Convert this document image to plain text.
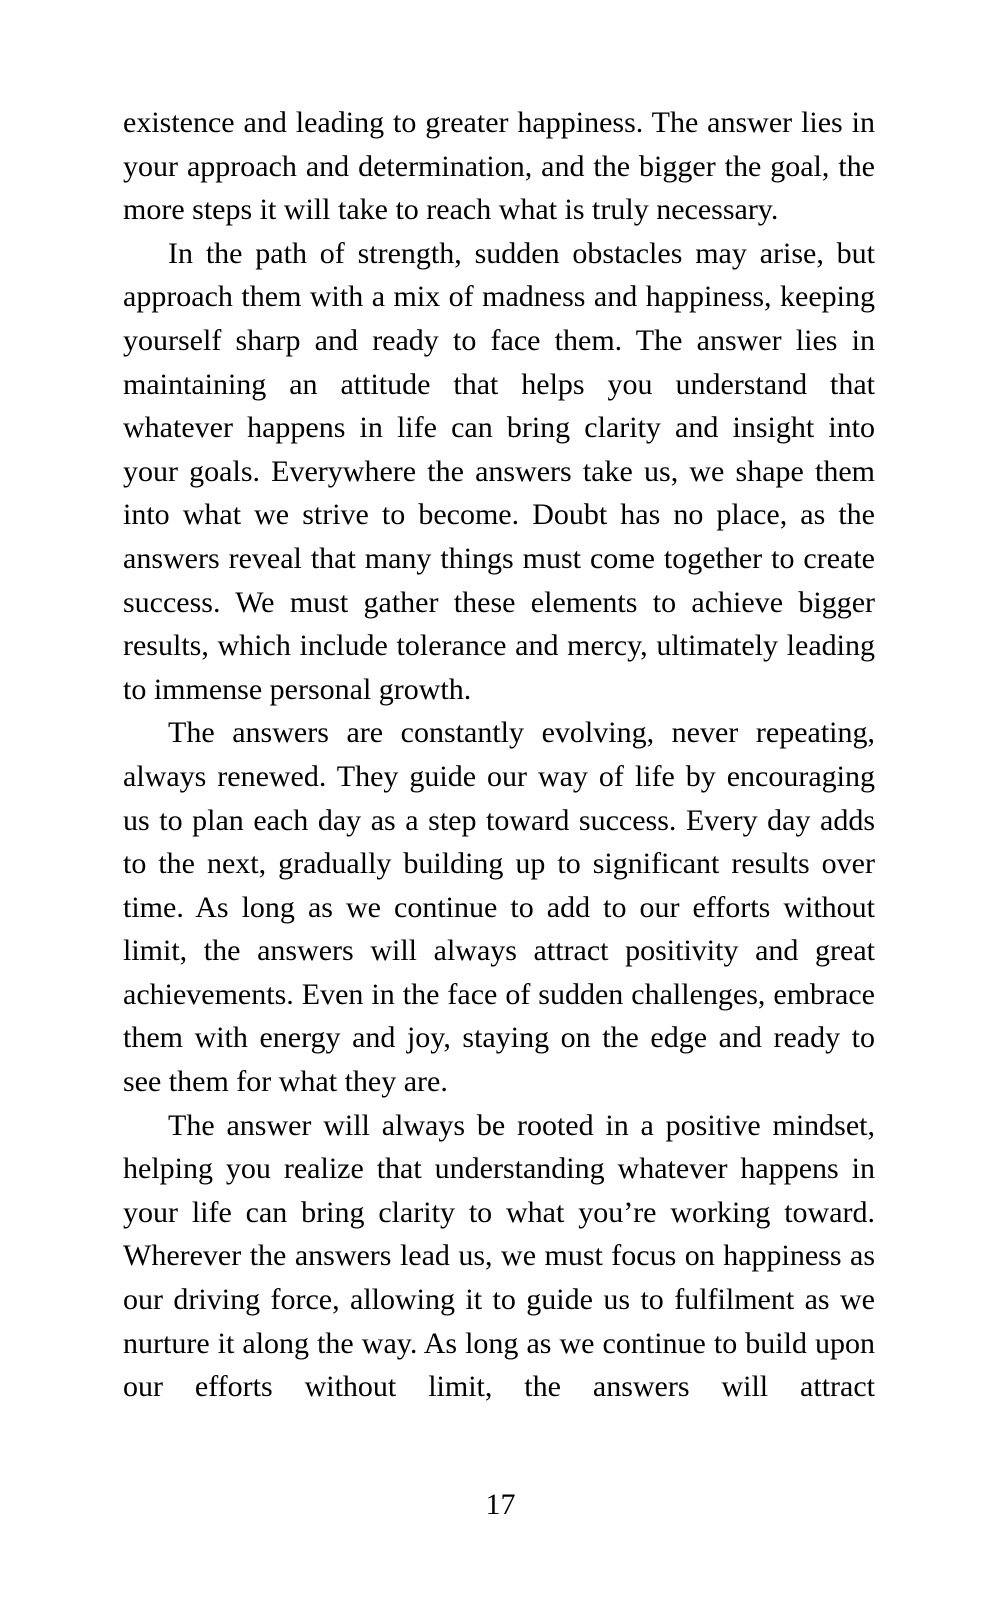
existence and leading to greater happiness. The answer lies in your approach and determination, and the bigger the goal, the more steps it will take to reach what is truly necessary.

In the path of strength, sudden obstacles may arise, but approach them with a mix of madness and happiness, keeping yourself sharp and ready to face them. The answer lies in maintaining an attitude that helps you understand that whatever happens in life can bring clarity and insight into your goals. Everywhere the answers take us, we shape them into what we strive to become. Doubt has no place, as the answers reveal that many things must come together to create success. We must gather these elements to achieve bigger results, which include tolerance and mercy, ultimately leading to immense personal growth.

The answers are constantly evolving, never repeating, always renewed. They guide our way of life by encouraging us to plan each day as a step toward success. Every day adds to the next, gradually building up to significant results over time. As long as we continue to add to our efforts without limit, the answers will always attract positivity and great achievements. Even in the face of sudden challenges, embrace them with energy and joy, staying on the edge and ready to see them for what they are.

The answer will always be rooted in a positive mindset, helping you realize that understanding whatever happens in your life can bring clarity to what you’re working toward. Wherever the answers lead us, we must focus on happiness as our driving force, allowing it to guide us to fulfilment as we nurture it along the way. As long as we continue to build upon our efforts without limit, the answers will attract

17
